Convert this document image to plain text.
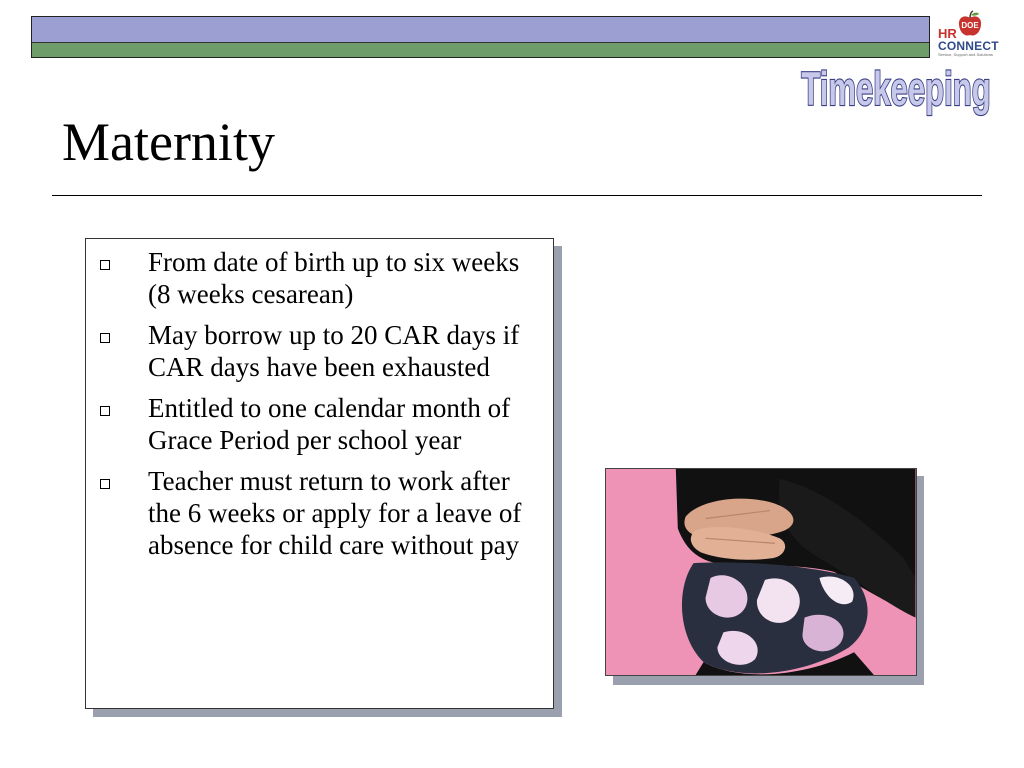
DOE
HR
CONNECT
Service, Support and Solutions
Timekeeping
Maternity
From date of birth up to six weeks (8 weeks cesarean)
May borrow up to 20 CAR days if CAR days have been exhausted
Entitled to one calendar month of Grace Period per school year
Teacher must return to work after the 6 weeks or apply for a leave of absence for child care without pay
